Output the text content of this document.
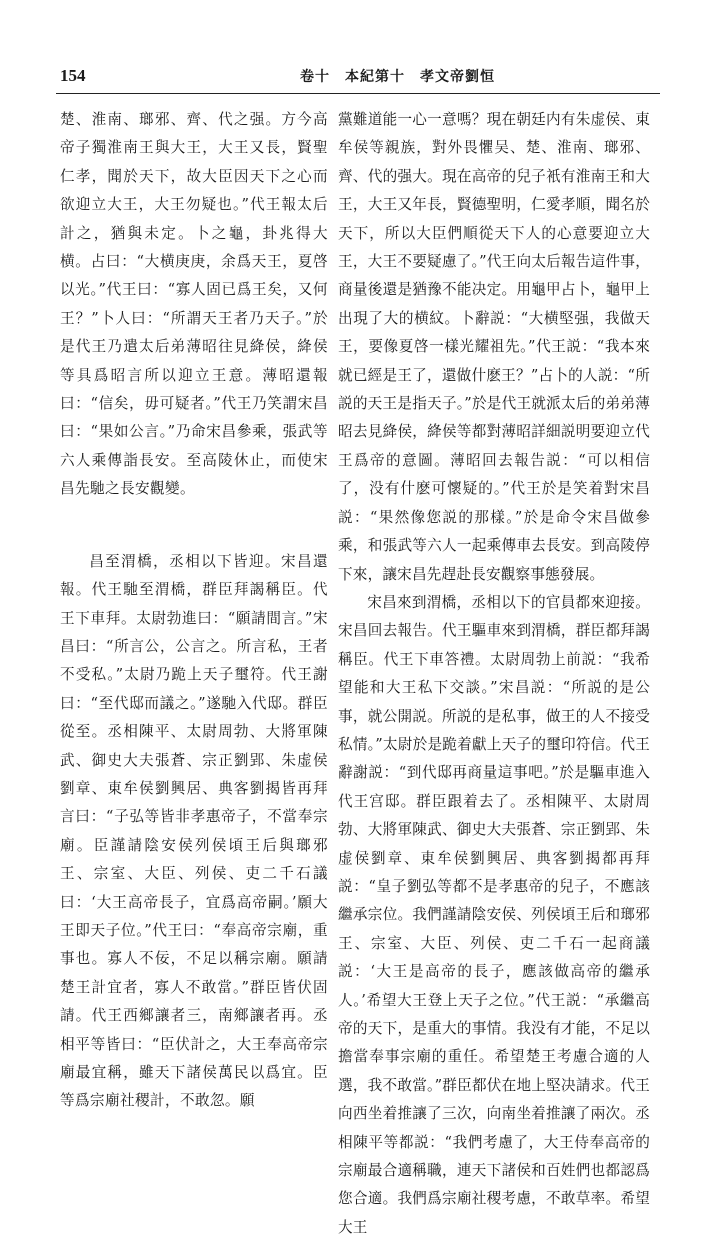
154	卷十　本紀第十　孝文帝劉恒

楚、淮南、瑯邪、齊、代之强。方今高帝子獨淮南王與大王，大王又長，賢聖仁孝，聞於天下，故大臣因天下之心而欲迎立大王，大王勿疑也。”代王報太后計之，猶與未定。卜之龜，卦兆得大横。占曰：“大横庚庚，余爲天王，夏啓以光。”代王曰：“寡人固已爲王矣，又何王？”卜人曰：“所謂天王者乃天子。”於是代王乃遣太后弟薄昭往見絳侯，絳侯等具爲昭言所以迎立王意。薄昭還報曰：“信矣，毋可疑者。”代王乃笑謂宋昌曰：“果如公言。”乃命宋昌參乘，張武等六人乘傳詣長安。至高陵休止，而使宋昌先馳之長安觀變。

昌至渭橋，丞相以下皆迎。宋昌還報。代王馳至渭橋，群臣拜謁稱臣。代王下車拜。太尉勃進曰：“願請間言。”宋昌曰：“所言公，公言之。所言私，王者不受私。”太尉乃跪上天子璽符。代王謝曰：“至代邸而議之。”遂馳入代邸。群臣從至。丞相陳平、太尉周勃、大將軍陳武、御史大夫張蒼、宗正劉郢、朱虚侯劉章、東牟侯劉興居、典客劉揭皆再拜言曰：“子弘等皆非孝惠帝子，不當奉宗廟。臣謹請陰安侯列侯頃王后與瑯邪王、宗室、大臣、列侯、吏二千石議曰：‘大王高帝長子，宜爲高帝嗣。’願大王即天子位。”代王曰：“奉高帝宗廟，重事也。寡人不佞，不足以稱宗廟。願請楚王計宜者，寡人不敢當。”群臣皆伏固請。代王西鄉讓者三，南鄉讓者再。丞相平等皆曰：“臣伏計之，大王奉高帝宗廟最宜稱，雖天下諸侯萬民以爲宜。臣等爲宗廟社稷計，不敢忽。願

黨難道能一心一意嗎？現在朝廷内有朱虚侯、東牟侯等親族，對外畏懼吴、楚、淮南、瑯邪、齊、代的强大。現在高帝的兒子衹有淮南王和大王，大王又年長，賢德聖明，仁愛孝順，聞名於天下，所以大臣們順從天下人的心意要迎立大王，大王不要疑慮了。”代王向太后報告這件事，商量後還是猶豫不能决定。用龜甲占卜，龜甲上出現了大的横紋。卜辭説：“大横堅强，我做天王，要像夏啓一樣光耀祖先。”代王説：“我本來就已經是王了，還做什麽王？”占卜的人説：“所説的天王是指天子。”於是代王就派太后的弟弟薄昭去見絳侯，絳侯等都對薄昭詳細説明要迎立代王爲帝的意圖。薄昭回去報告説：“可以相信了，没有什麽可懷疑的。”代王於是笑着對宋昌説：“果然像您説的那樣。”於是命令宋昌做參乘，和張武等六人一起乘傳車去長安。到高陵停下來，讓宋昌先趕赴長安觀察事態發展。

宋昌來到渭橋，丞相以下的官員都來迎接。宋昌回去報告。代王驅車來到渭橋，群臣都拜謁稱臣。代王下車答禮。太尉周勃上前説：“我希望能和大王私下交談。”宋昌説：“所説的是公事，就公開説。所説的是私事，做王的人不接受私情。”太尉於是跪着獻上天子的璽印符信。代王辭謝説：“到代邸再商量這事吧。”於是驅車進入代王宫邸。群臣跟着去了。丞相陳平、太尉周勃、大將軍陳武、御史大夫張蒼、宗正劉郢、朱虚侯劉章、東牟侯劉興居、典客劉揭都再拜説：“皇子劉弘等都不是孝惠帝的兒子，不應該繼承宗位。我們謹請陰安侯、列侯頃王后和瑯邪王、宗室、大臣、列侯、吏二千石一起商議説：‘大王是高帝的長子，應該做高帝的繼承人。’希望大王登上天子之位。”代王説：“承繼高帝的天下，是重大的事情。我没有才能，不足以擔當奉事宗廟的重任。希望楚王考慮合適的人選，我不敢當。”群臣都伏在地上堅决請求。代王向西坐着推讓了三次，向南坐着推讓了兩次。丞相陳平等都説：“我們考慮了，大王侍奉高帝的宗廟最合適稱職，連天下諸侯和百姓們也都認爲您合適。我們爲宗廟社稷考慮，不敢草率。希望大王
